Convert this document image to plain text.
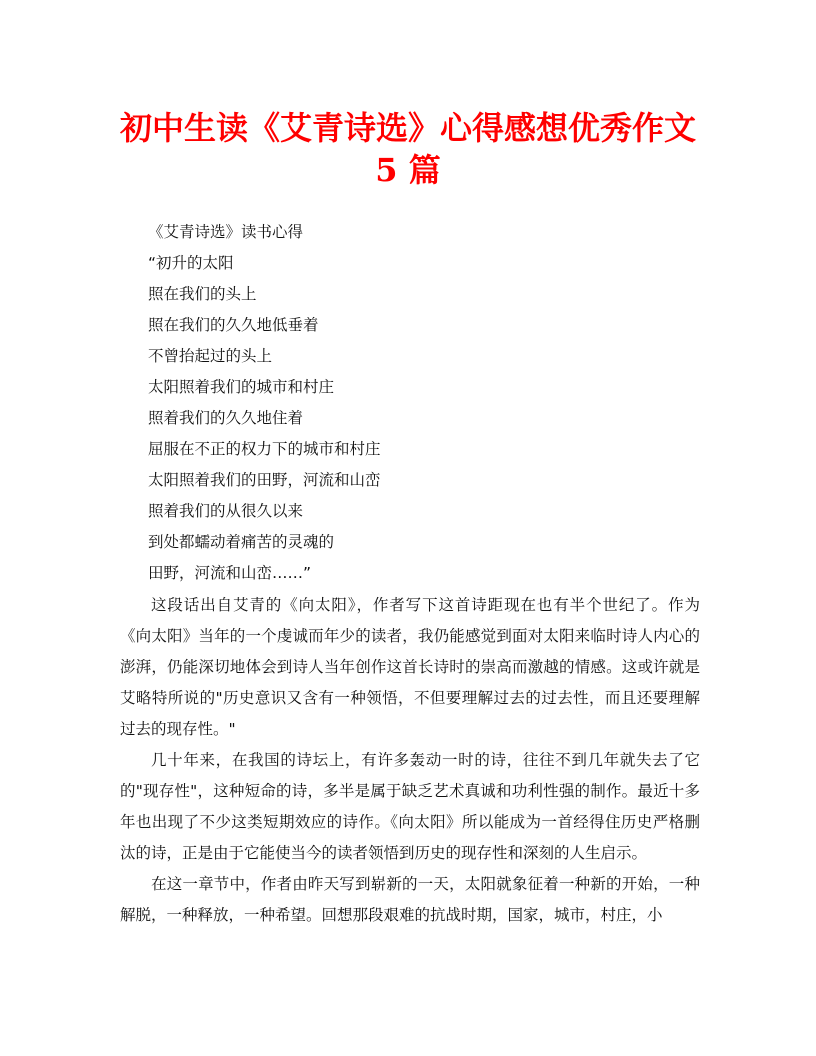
初中生读《艾青诗选》心得感想优秀作文
5 篇
《艾青诗选》读书心得
“初升的太阳
照在我们的头上
照在我们的久久地低垂着
不曾抬起过的头上
太阳照着我们的城市和村庄
照着我们的久久地住着
屈服在不正的权力下的城市和村庄
太阳照着我们的田野，河流和山峦
照着我们的从很久以来
到处都蠕动着痛苦的灵魂的
田野，河流和山峦……”

这段话出自艾青的《向太阳》，作者写下这首诗距现在也有半个世纪了。作为《向太阳》当年的一个虔诚而年少的读者，我仍能感觉到面对太阳来临时诗人内心的澎湃，仍能深切地体会到诗人当年创作这首长诗时的崇高而激越的情感。这或许就是艾略特所说的"历史意识又含有一种领悟，不但要理解过去的过去性，而且还要理解过去的现存性。"

几十年来，在我国的诗坛上，有许多轰动一时的诗，往往不到几年就失去了它的"现存性"，这种短命的诗，多半是属于缺乏艺术真诚和功利性强的制作。最近十多年也出现了不少这类短期效应的诗作。《向太阳》所以能成为一首经得住历史严格删汰的诗，正是由于它能使当今的读者领悟到历史的现存性和深刻的人生启示。

在这一章节中，作者由昨天写到崭新的一天，太阳就象征着一种新的开始，一种解脱，一种释放，一种希望。回想那段艰难的抗战时期，国家，城市，村庄，小
